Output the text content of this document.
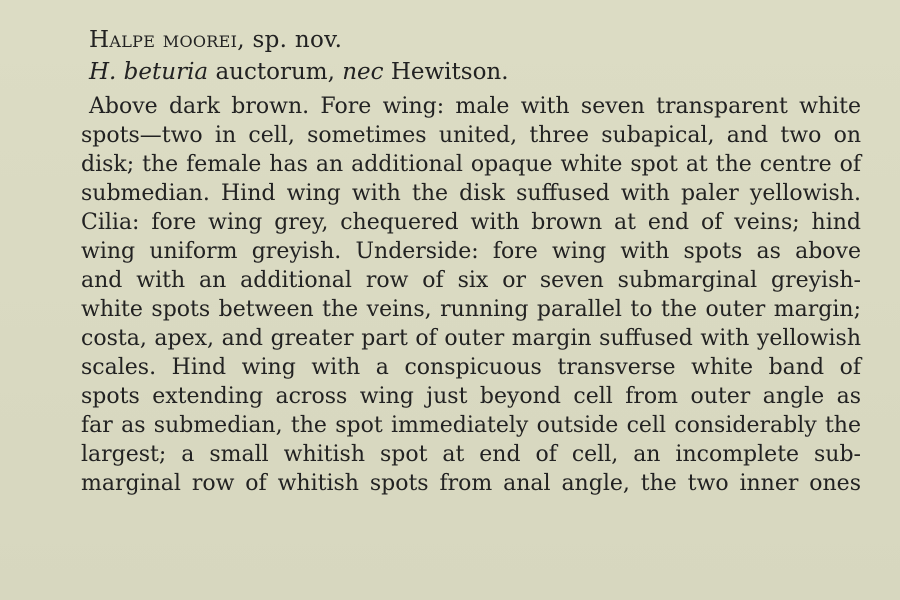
Halpe moorei, sp. nov.

H. beturia auctorum, nec Hewitson.

Above dark brown. Fore wing: male with seven transparent white
spots—two in cell, sometimes united, three subapical, and two on
disk; the female has an additional opaque white spot at the centre of
submedian. Hind wing with the disk suffused with paler yellowish.
Cilia: fore wing grey, chequered with brown at end of veins; hind
wing uniform greyish. Underside: fore wing with spots as above
and with an additional row of six or seven submarginal greyish-
white spots between the veins, running parallel to the outer margin;
costa, apex, and greater part of outer margin suffused with yellowish
scales. Hind wing with a conspicuous transverse white band of
spots extending across wing just beyond cell from outer angle as
far as submedian, the spot immediately outside cell considerably the
largest; a small whitish spot at end of cell, an incomplete sub-
marginal row of whitish spots from anal angle, the two inner ones
